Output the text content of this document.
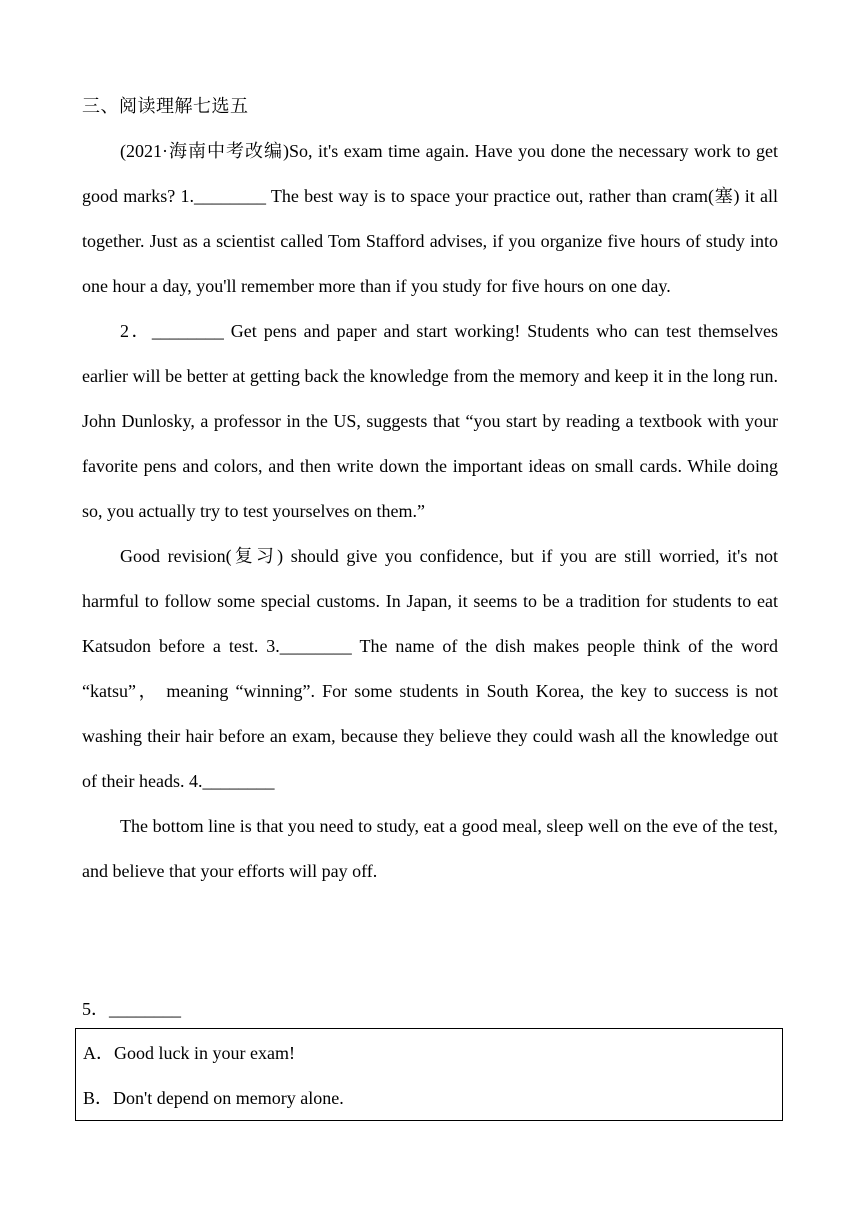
三、阅读理解七选五

(2021·海南中考改编)So, it's exam time again. Have you done the necessary work to get good marks? 1.________ The best way is to space your practice out, rather than cram(塞) it all together. Just as a scientist called Tom Stafford advises, if you organize five hours of study into one hour a day, you'll remember more than if you study for five hours on one day.

2．________ Get pens and paper and start working! Students who can test themselves earlier will be better at getting back the knowledge from the memory and keep it in the long run. John Dunlosky, a professor in the US, suggests that “you start by reading a textbook with your favorite pens and colors, and then write down the important ideas on small cards. While doing so, you actually try to test yourselves on them.”

Good revision(复习) should give you confidence, but if you are still worried, it's not harmful to follow some special customs. In Japan, it seems to be a tradition for students to eat Katsudon before a test. 3.________ The name of the dish makes people think of the word “katsu”， meaning “winning”. For some students in South Korea, the key to success is not washing their hair before an exam, because they believe they could wash all the knowledge out of their heads. 4.________

The bottom line is that you need to study, eat a good meal, sleep well on the eve of the test, and believe that your efforts will pay off.

5．________
A．Good luck in your exam!
B．Don't depend on memory alone.
